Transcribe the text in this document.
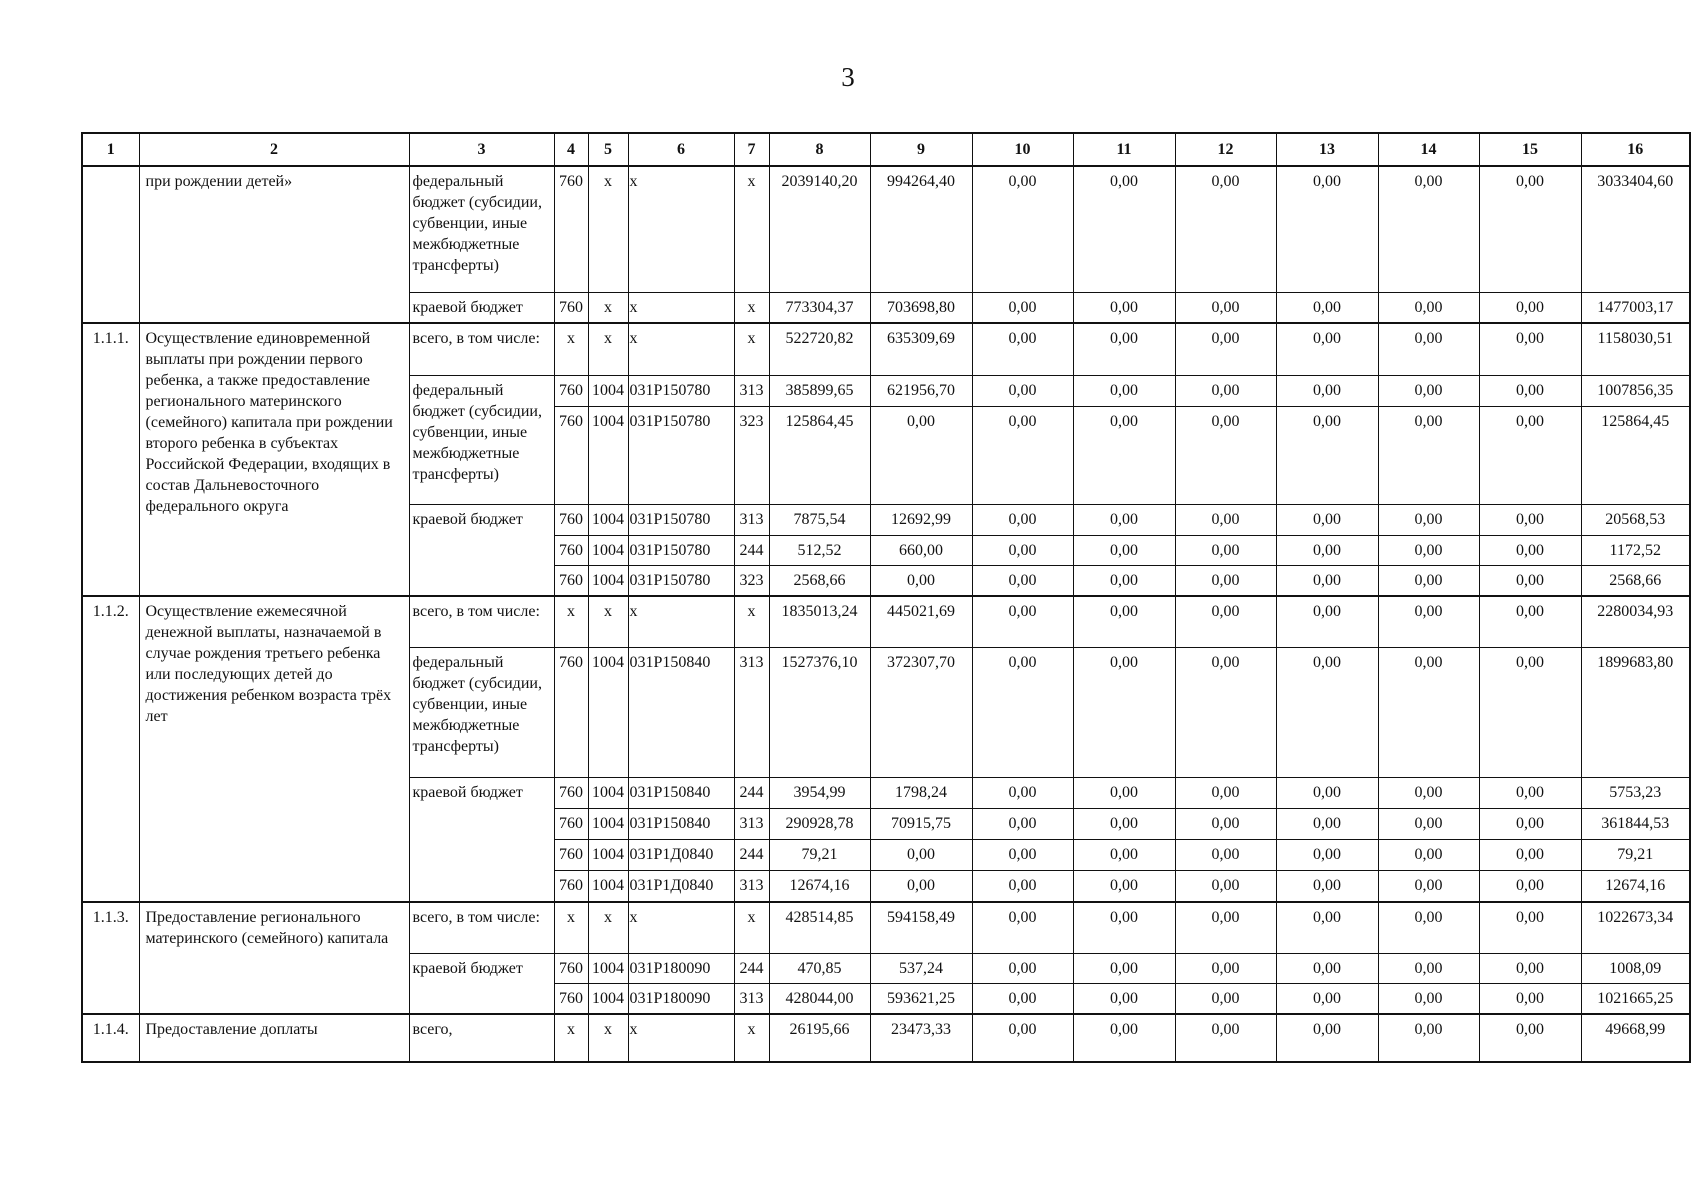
3
1	2	3	4	5	6	7	8	9	10	11	12	13	14	15	16
	при рождении детей»	федеральный бюджет (субсидии, субвенции, иные межбюджетные трансферты)	760	x	x	x	2039140,20	994264,40	0,00	0,00	0,00	0,00	0,00	0,00	3033404,60
		краевой бюджет	760	x	x	x	773304,37	703698,80	0,00	0,00	0,00	0,00	0,00	0,00	1477003,17
1.1.1.	Осуществление единовременной выплаты при рождении первого ребенка, а также предоставление регионального материнского (семейного) капитала при рождении второго ребенка в субъектах Российской Федерации, входящих в состав Дальневосточного федерального округа	всего, в том числе:	x	x	x	x	522720,82	635309,69	0,00	0,00	0,00	0,00	0,00	0,00	1158030,51
		федеральный бюджет (субсидии, субвенции, иные межбюджетные трансферты)	760	1004	031P150780	313	385899,65	621956,70	0,00	0,00	0,00	0,00	0,00	0,00	1007856,35
			760	1004	031P150780	323	125864,45	0,00	0,00	0,00	0,00	0,00	0,00	0,00	125864,45
		краевой бюджет	760	1004	031P150780	313	7875,54	12692,99	0,00	0,00	0,00	0,00	0,00	0,00	20568,53
			760	1004	031P150780	244	512,52	660,00	0,00	0,00	0,00	0,00	0,00	0,00	1172,52
			760	1004	031P150780	323	2568,66	0,00	0,00	0,00	0,00	0,00	0,00	0,00	2568,66
1.1.2.	Осуществление ежемесячной денежной выплаты, назначаемой в случае рождения третьего ребенка или последующих детей до достижения ребенком возраста трёх лет	всего, в том числе:	x	x	x	x	1835013,24	445021,69	0,00	0,00	0,00	0,00	0,00	0,00	2280034,93
		федеральный бюджет (субсидии, субвенции, иные межбюджетные трансферты)	760	1004	031P150840	313	1527376,10	372307,70	0,00	0,00	0,00	0,00	0,00	0,00	1899683,80
		краевой бюджет	760	1004	031P150840	244	3954,99	1798,24	0,00	0,00	0,00	0,00	0,00	0,00	5753,23
			760	1004	031P150840	313	290928,78	70915,75	0,00	0,00	0,00	0,00	0,00	0,00	361844,53
			760	1004	031P1Д0840	244	79,21	0,00	0,00	0,00	0,00	0,00	0,00	0,00	79,21
			760	1004	031P1Д0840	313	12674,16	0,00	0,00	0,00	0,00	0,00	0,00	0,00	12674,16
1.1.3.	Предоставление регионального материнского (семейного) капитала	всего, в том числе:	x	x	x	x	428514,85	594158,49	0,00	0,00	0,00	0,00	0,00	0,00	1022673,34
		краевой бюджет	760	1004	031P180090	244	470,85	537,24	0,00	0,00	0,00	0,00	0,00	0,00	1008,09
			760	1004	031P180090	313	428044,00	593621,25	0,00	0,00	0,00	0,00	0,00	0,00	1021665,25
1.1.4.	Предоставление доплаты	всего,	x	x	x	x	26195,66	23473,33	0,00	0,00	0,00	0,00	0,00	0,00	49668,99
